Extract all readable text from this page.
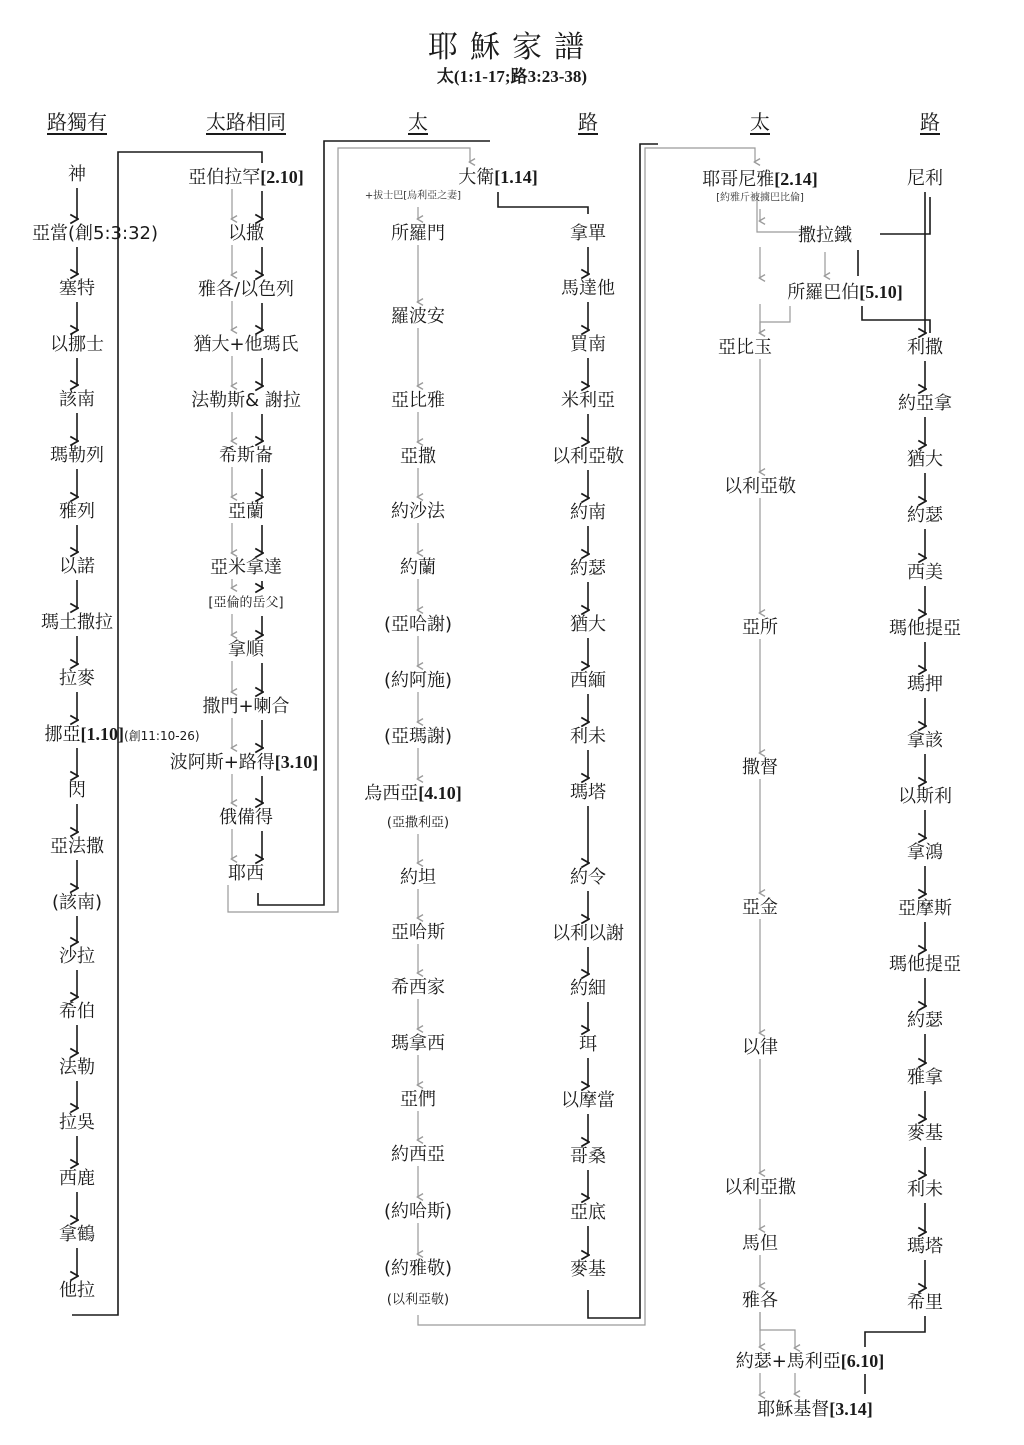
耶穌家譜
太(1:1-17;路3:23-38)
路獨有	太路相同	太	路	太	路
神
亞當(創5:3:32)
塞特
以挪士
該南
瑪勒列
雅列
以諾
瑪土撒拉
拉麥
挪亞[1.10](創11:10-26)
閃
亞法撒
(該南)
沙拉
希伯
法勒
拉吳
西鹿
拿鶴
他拉
亞伯拉罕[2.10]
以撒
雅各/以色列
猶大+他瑪氏
法勒斯& 謝拉
希斯崙
亞蘭
亞米拿達
[亞倫的岳父]
拿順
撒門+喇合
波阿斯+路得[3.10]
俄備得
耶西
大衛[1.14]
+拔士巴[烏利亞之妻]
所羅門
羅波安
亞比雅
亞撒
約沙法
約蘭
(亞哈謝)
(約阿施)
(亞瑪謝)
烏西亞[4.10]
(亞撒利亞)
約坦
亞哈斯
希西家
瑪拿西
亞們
約西亞
(約哈斯)
(約雅敬)
(以利亞敬)
拿單
馬達他
買南
米利亞
以利亞敬
約南
約瑟
猶大
西緬
利未
瑪塔
約令
以利以謝
約細
珥
以摩當
哥桑
亞底
麥基
耶哥尼雅[2.14]
[約雅斤被擄巴比倫]
撒拉鐵
所羅巴伯[5.10]
亞比玉
以利亞敬
亞所
撒督
亞金
以律
以利亞撒
馬但
雅各
約瑟+馬利亞[6.10]
耶穌基督[3.14]
尼利
利撒
約亞拿
猶大
約瑟
西美
瑪他提亞
瑪押
拿該
以斯利
拿鴻
亞摩斯
瑪他提亞
約瑟
雅拿
麥基
利未
瑪塔
希里
